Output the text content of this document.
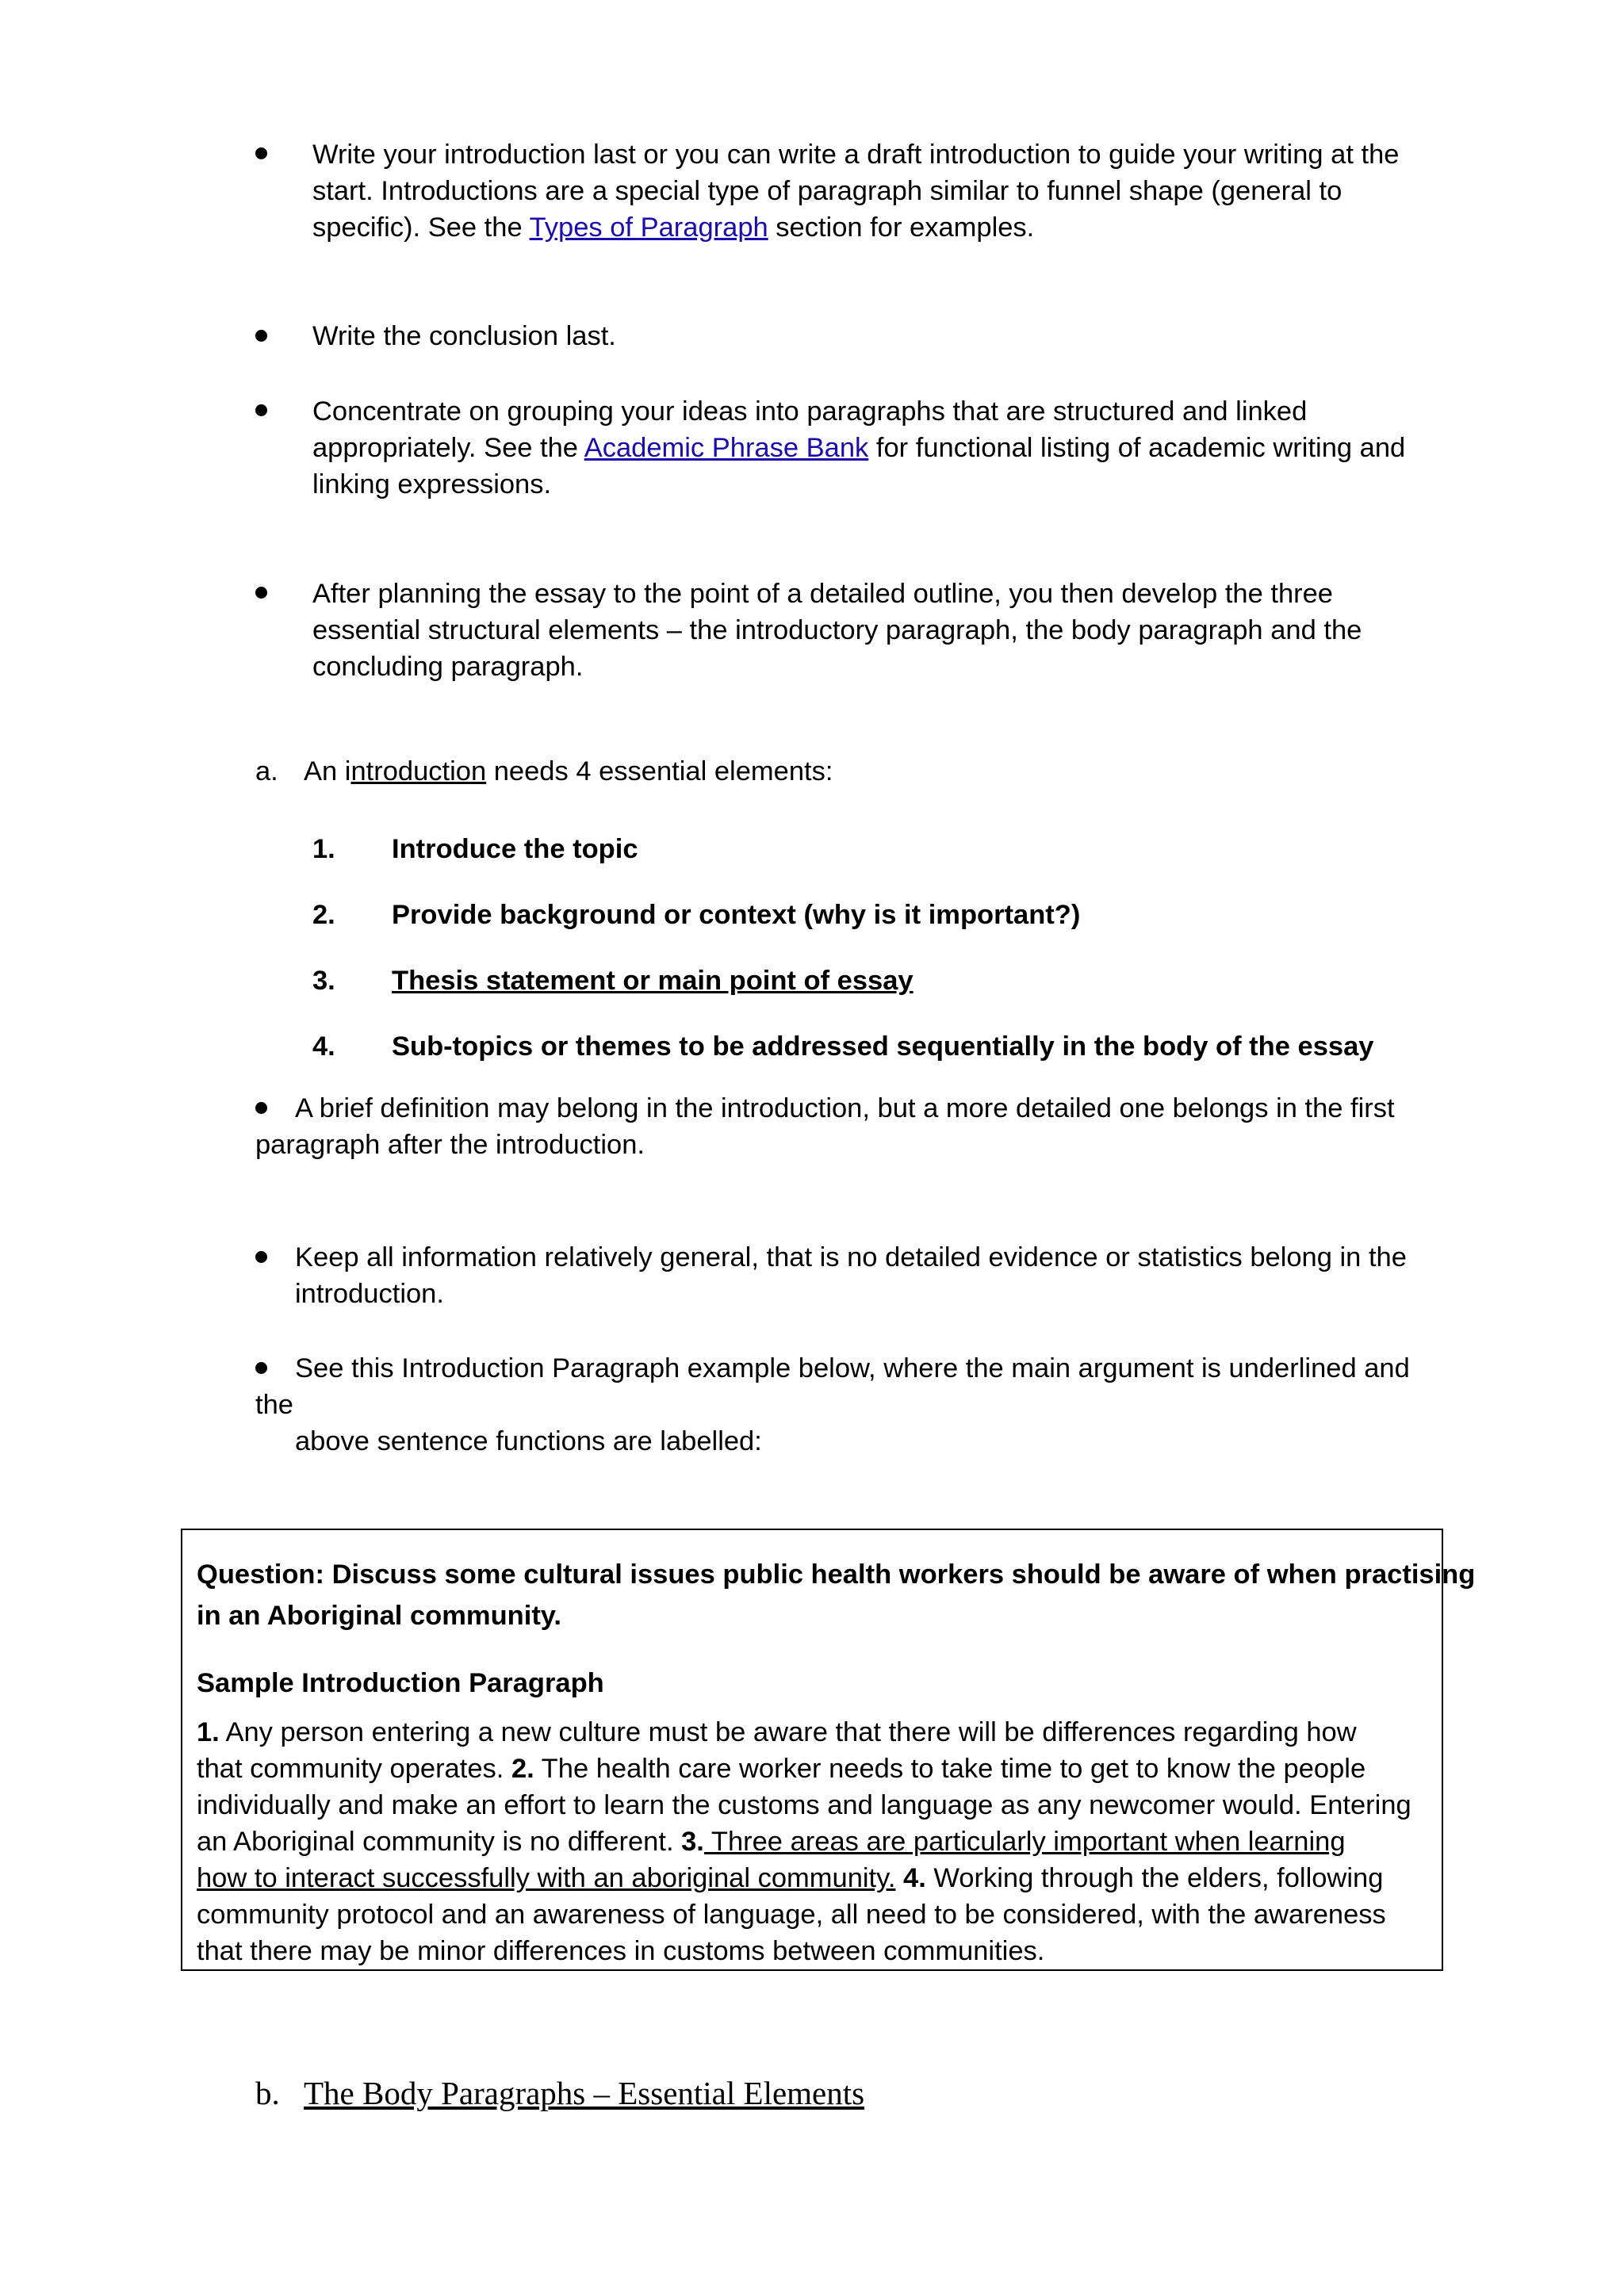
Write your introduction last or you can write a draft introduction to guide your writing at the start. Introductions are a special type of paragraph similar to funnel shape (general to specific). See the Types of Paragraph section for examples.
Write the conclusion last.
Concentrate on grouping your ideas into paragraphs that are structured and linked appropriately. See the Academic Phrase Bank for functional listing of academic writing and linking expressions.
After planning the essay to the point of a detailed outline, you then develop the three essential structural elements – the introductory paragraph, the body paragraph and the concluding paragraph.
a. An introduction needs 4 essential elements:
1. Introduce the topic
2. Provide background or context (why is it important?)
3. Thesis statement or main point of essay
4. Sub-topics or themes to be addressed sequentially in the body of the essay
A brief definition may belong in the introduction, but a more detailed one belongs in the first
paragraph after the introduction.
Keep all information relatively general, that is no detailed evidence or statistics belong in the
introduction.
See this Introduction Paragraph example below, where the main argument is underlined and
the
above sentence functions are labelled:
Question: Discuss some cultural issues public health workers should be aware of when practising
in an Aboriginal community.
Sample Introduction Paragraph
1. Any person entering a new culture must be aware that there will be differences regarding how
that community operates. 2. The health care worker needs to take time to get to know the people
individually and make an effort to learn the customs and language as any newcomer would. Entering
an Aboriginal community is no different. 3. Three areas are particularly important when learning
how to interact successfully with an aboriginal community. 4. Working through the elders, following
community protocol and an awareness of language, all need to be considered, with the awareness
that there may be minor differences in customs between communities.
b. The Body Paragraphs – Essential Elements
